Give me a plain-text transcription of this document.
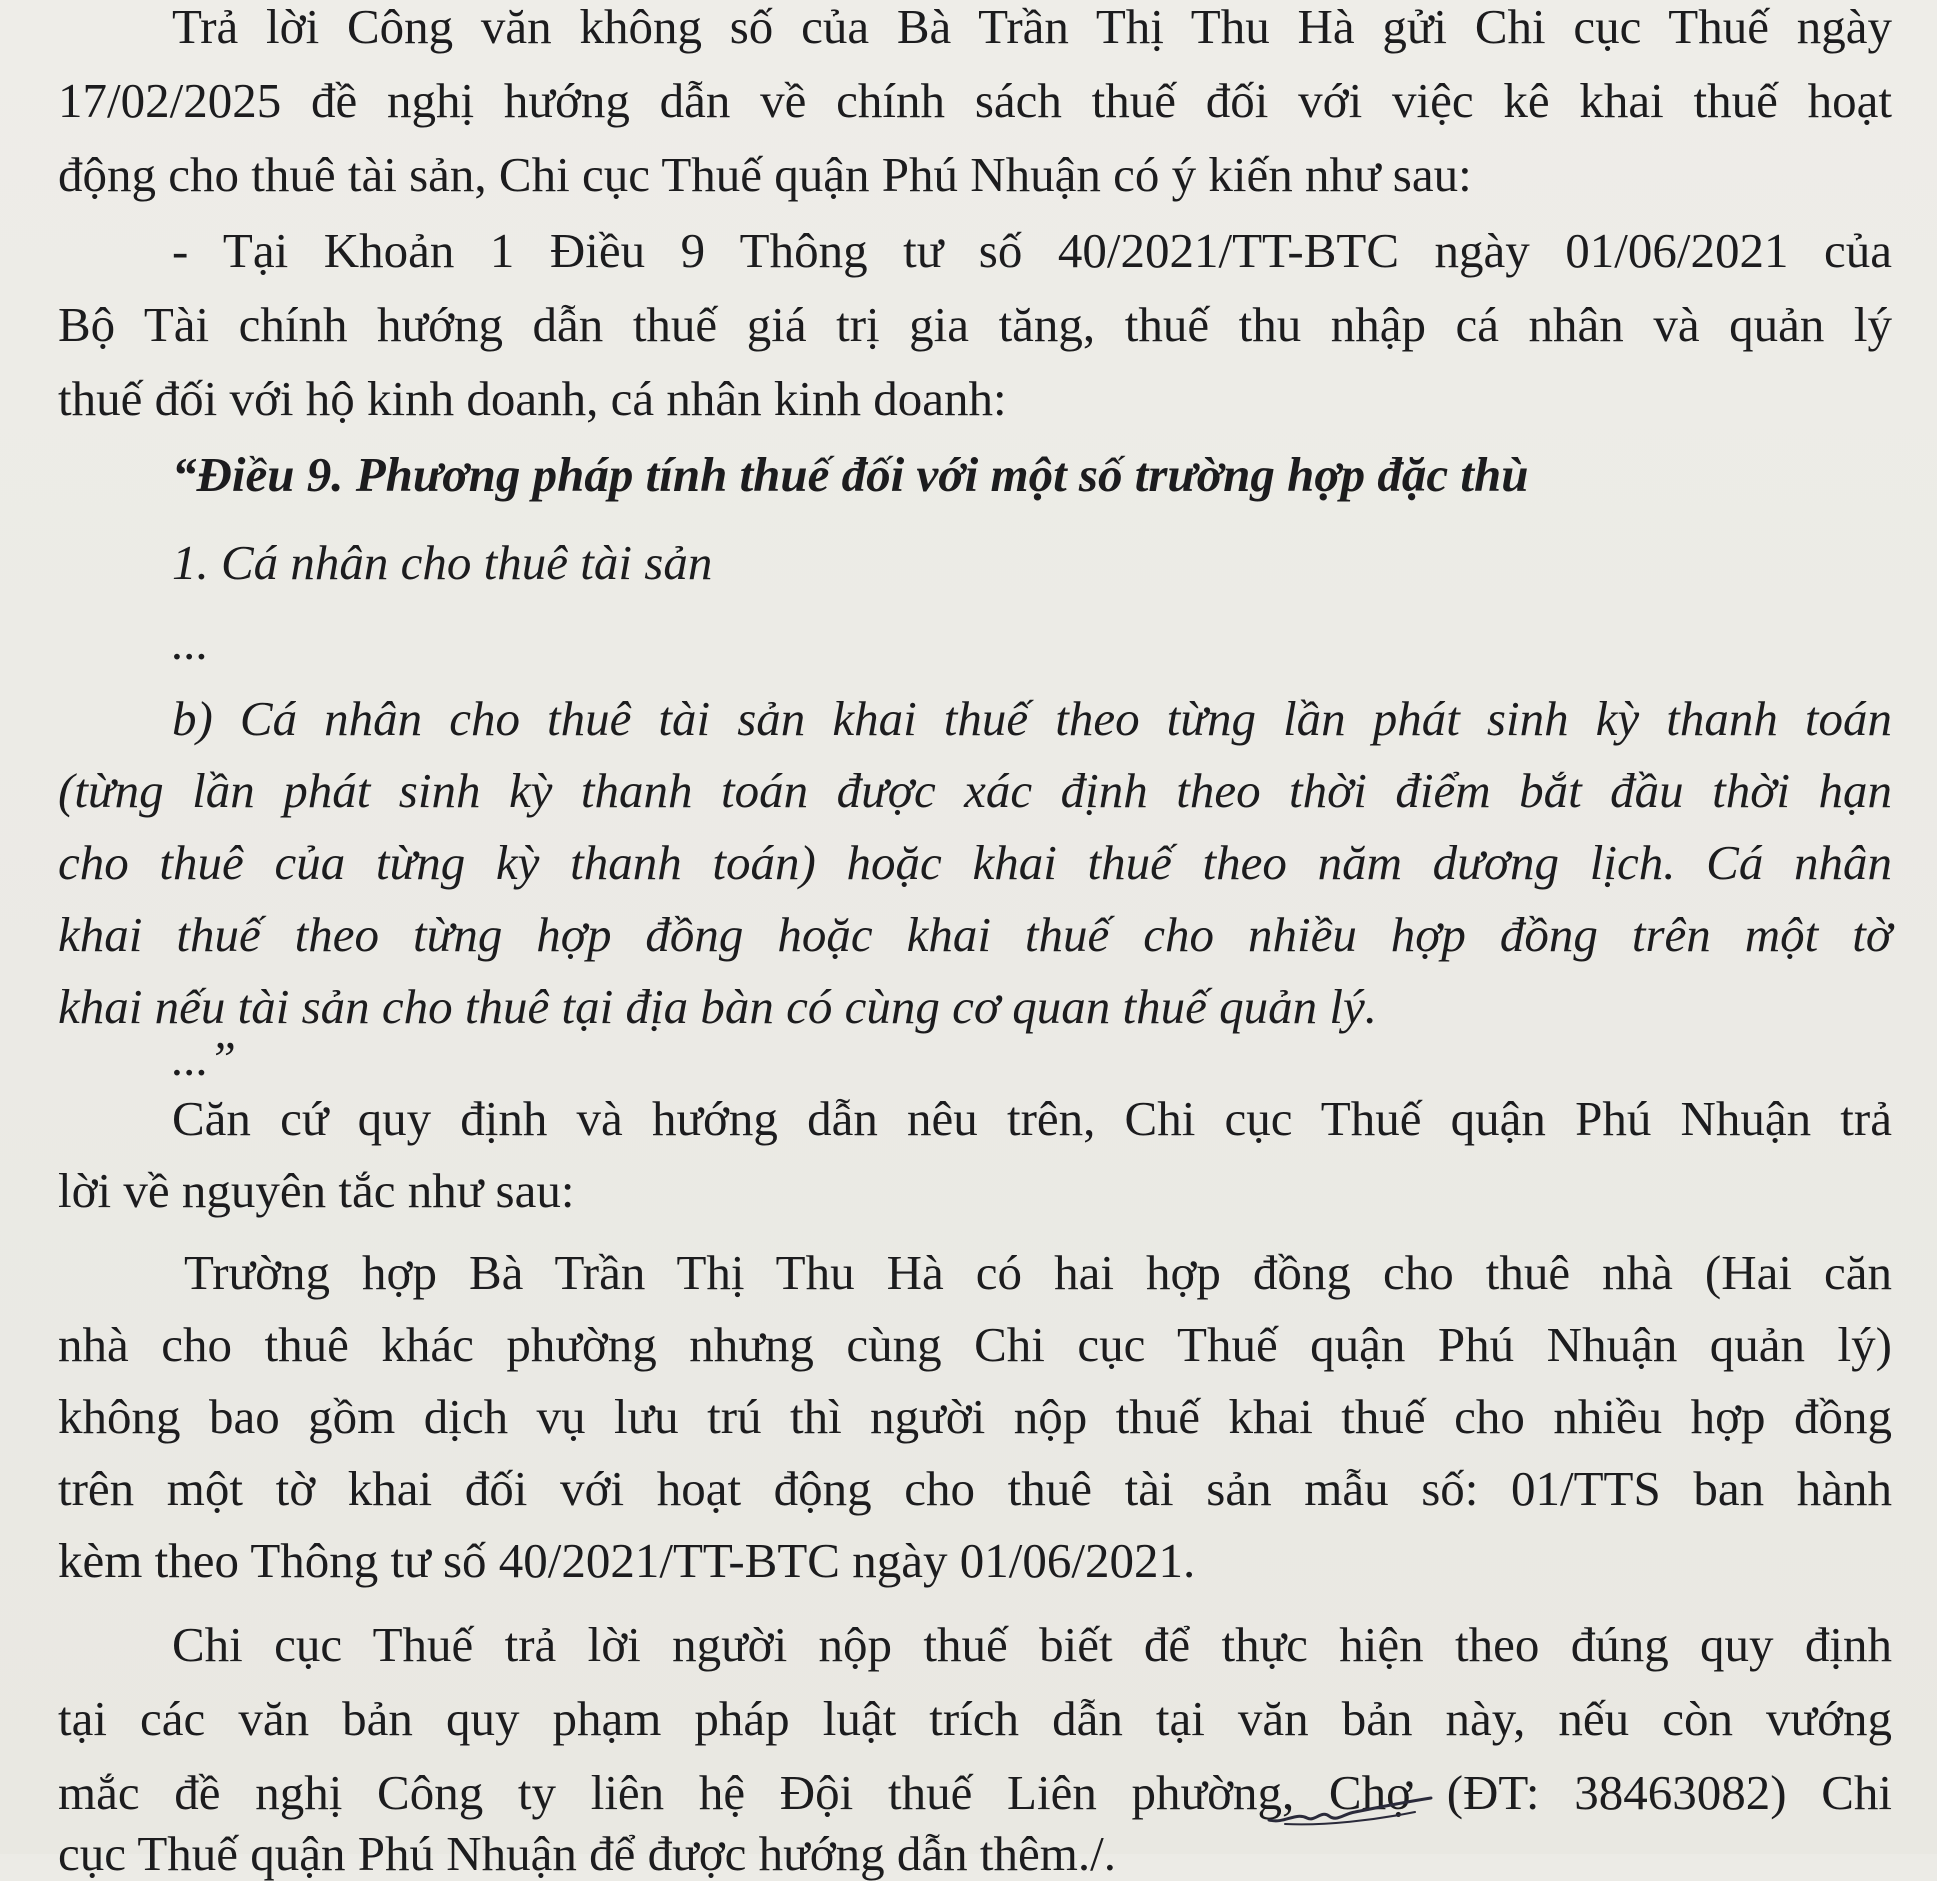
Trả lời Công văn không số của Bà Trần Thị Thu Hà gửi Chi cục Thuế ngày

17/02/2025 đề nghị hướng dẫn về chính sách thuế đối với việc kê khai thuế hoạt

động cho thuê tài sản, Chi cục Thuế quận Phú Nhuận có ý kiến như sau:

- Tại Khoản 1 Điều 9 Thông tư số 40/2021/TT-BTC ngày 01/06/2021 của

Bộ Tài chính hướng dẫn thuế giá trị gia tăng, thuế thu nhập cá nhân và quản lý

thuế đối với hộ kinh doanh, cá nhân kinh doanh:

“Điều 9. Phương pháp tính thuế đối với một số trường hợp đặc thù

1. Cá nhân cho thuê tài sản

...

b) Cá nhân cho thuê tài sản khai thuế theo từng lần phát sinh kỳ thanh toán

(từng lần phát sinh kỳ thanh toán được xác định theo thời điểm bắt đầu thời hạn

cho thuê của từng kỳ thanh toán) hoặc khai thuế theo năm dương lịch. Cá nhân

khai thuế theo từng hợp đồng hoặc khai thuế cho nhiều hợp đồng trên một tờ

khai nếu tài sản cho thuê tại địa bàn có cùng cơ quan thuế quản lý.

...”

Căn cứ quy định và hướng dẫn nêu trên, Chi cục Thuế quận Phú Nhuận trả

lời về nguyên tắc như sau:

Trường hợp Bà Trần Thị Thu Hà có hai hợp đồng cho thuê nhà (Hai căn

nhà cho thuê khác phường nhưng cùng Chi cục Thuế quận Phú Nhuận quản lý)

không bao gồm dịch vụ lưu trú thì người nộp thuế khai thuế cho nhiều hợp đồng

trên một tờ khai đối với hoạt động cho thuê tài sản mẫu số: 01/TTS ban hành

kèm theo Thông tư số 40/2021/TT-BTC ngày 01/06/2021.

Chi cục Thuế trả lời người nộp thuế biết để thực hiện theo đúng quy định

tại các văn bản quy phạm pháp luật trích dẫn tại văn bản này, nếu còn vướng

mắc đề nghị Công ty liên hệ Đội thuế Liên phường, Chợ (ĐT: 38463082) Chi

cục Thuế quận Phú Nhuận để được hướng dẫn thêm./.
